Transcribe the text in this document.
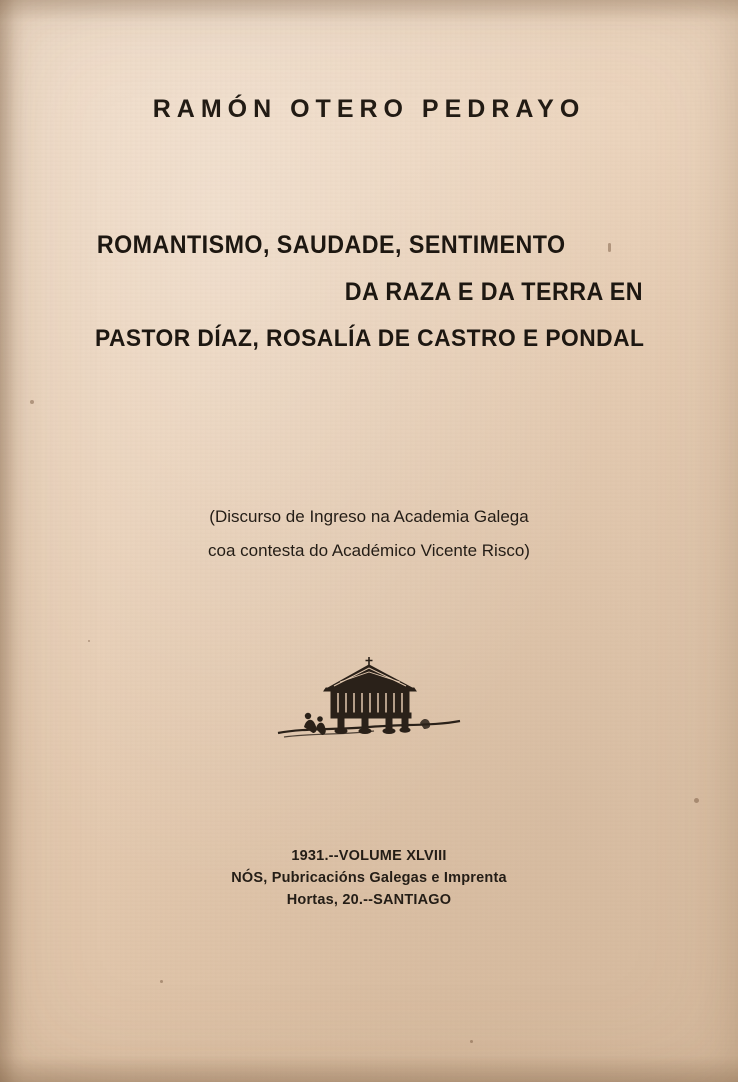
RAMÓN OTERO PEDRAYO
ROMANTISMO, SAUDADE, SENTIMENTO
DA RAZA E DA TERRA EN
PASTOR DÍAZ, ROSALÍA DE CASTRO E PONDAL
(Discurso de Ingreso na Academia Galega
coa contesta do Académico Vicente Risco)
1931.--VOLUME XLVIII
NÓS, Pubricacións Galegas e Imprenta
Hortas, 20.--SANTIAGO
